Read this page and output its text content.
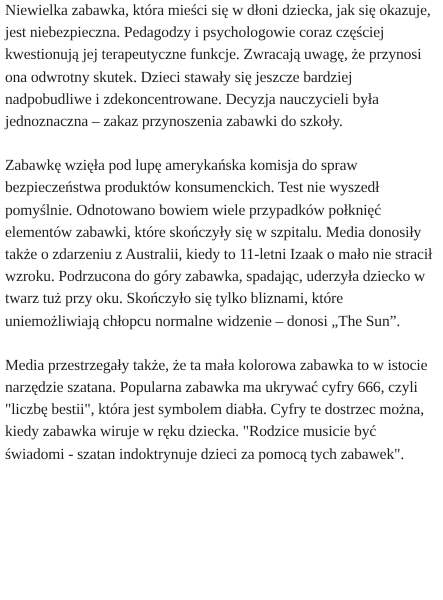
Niewielka zabawka, która mieści się w dłoni dziecka, jak się okazuje, jest niebezpieczna. Pedagodzy i psychologowie coraz częściej kwestionują jej terapeutyczne funkcje. Zwracają uwagę, że przynosi ona odwrotny skutek. Dzieci stawały się jeszcze bardziej nadpobudliwe i zdekoncentrowane. Decyzja nauczycieli była jednoznaczna – zakaz przynoszenia zabawki do szkoły.

Zabawkę wzięła pod lupę amerykańska komisja do spraw bezpieczeństwa produktów konsumenckich. Test nie wyszedł pomyślnie. Odnotowano bowiem wiele przypadków połknięć elementów zabawki, które skończyły się w szpitalu. Media donosiły także o zdarzeniu z Australii, kiedy to 11-letni Izaak o mało nie stracił wzroku. Podrzucona do góry zabawka, spadając, uderzyła dziecko w twarz tuż przy oku. Skończyło się tylko bliznami, które uniemożliwiają chłopcu normalne widzenie – donosi „The Sun”.

Media przestrzegały także, że ta mała kolorowa zabawka to w istocie narzędzie szatana. Popularna zabawka ma ukrywać cyfry 666, czyli "liczbę bestii", która jest symbolem diabła. Cyfry te dostrzec można, kiedy zabawka wiruje w ręku dziecka. "Rodzice musicie być świadomi - szatan indoktrynuje dzieci za pomocą tych zabawek".
